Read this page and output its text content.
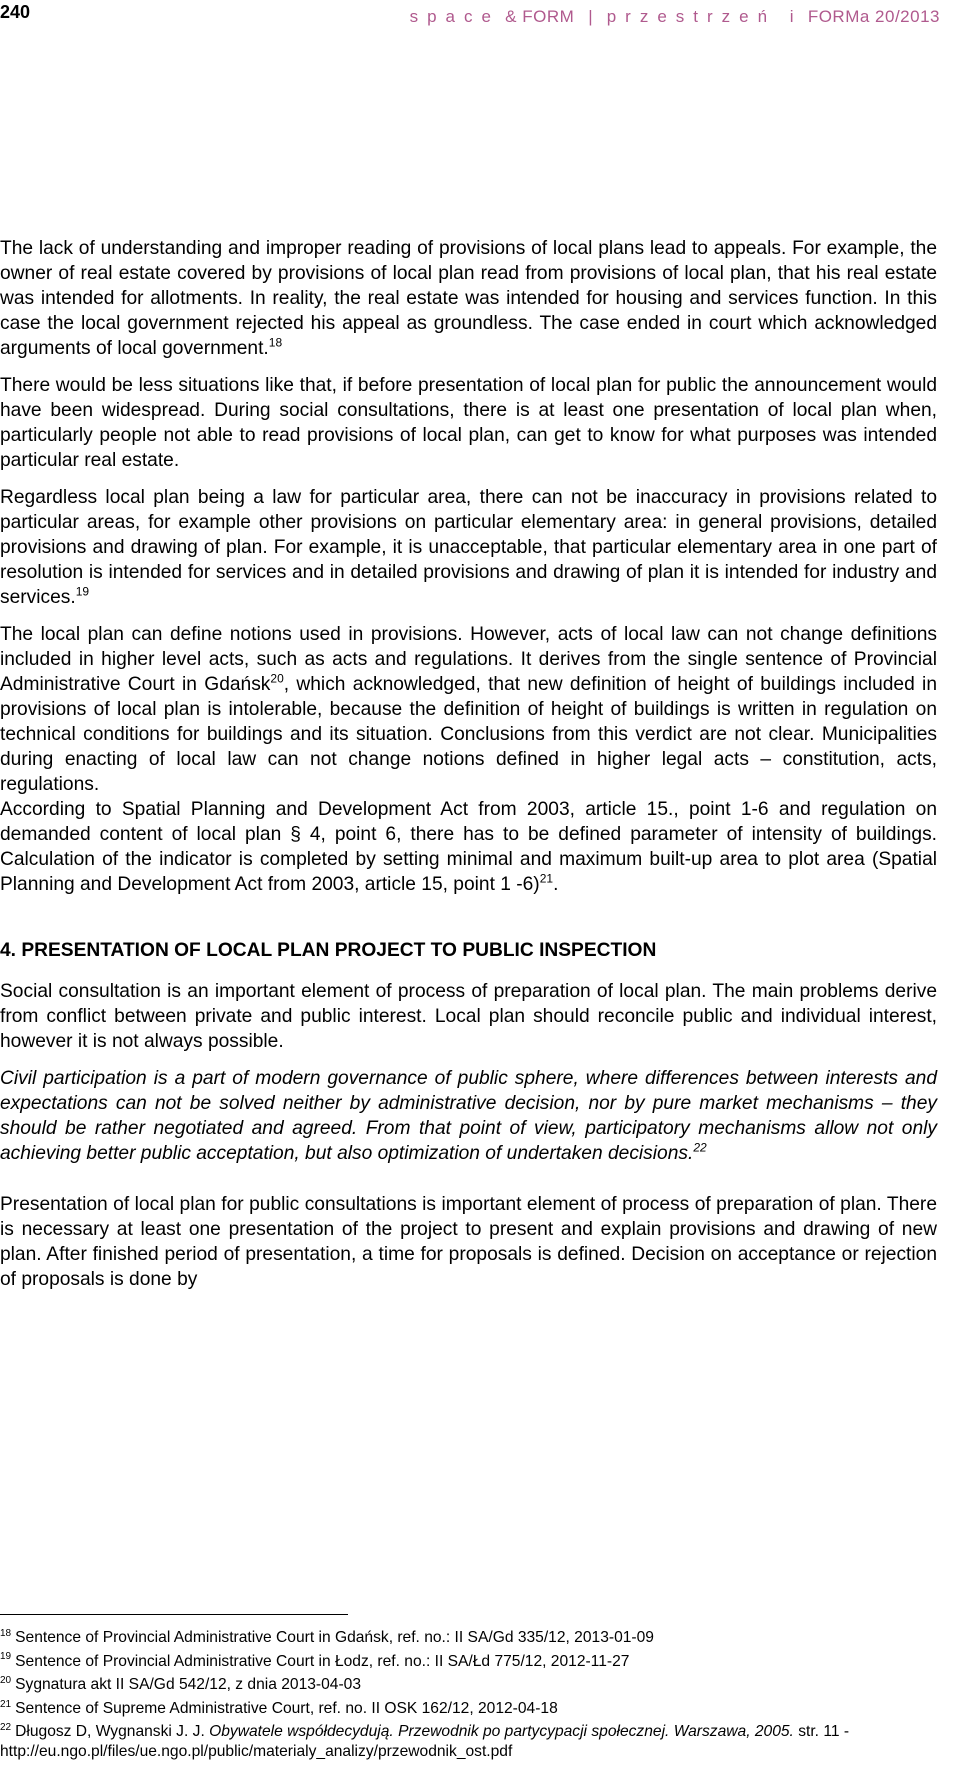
240	space & FORM | przestrzeń i FORMa 20/2013

The lack of understanding and improper reading of provisions of local plans lead to appeals. For example, the owner of real estate covered by provisions of local plan read from provisions of local plan, that his real estate was intended for allotments. In reality, the real estate was intended for housing and services function. In this case the local government rejected his appeal as groundless. The case ended in court which acknowledged arguments of local government.$^{18}$

There would be less situations like that, if before presentation of local plan for public the announcement would have been widespread. During social consultations, there is at least one presentation of local plan when, particularly people not able to read provisions of local plan, can get to know for what purposes was intended particular real estate.

Regardless local plan being a law for particular area, there can not be inaccuracy in provisions related to particular areas, for example other provisions on particular elementary area: in general provisions, detailed provisions and drawing of plan. For example, it is unacceptable, that particular elementary area in one part of resolution is intended for services and in detailed provisions and drawing of plan it is intended for industry and services.$^{19}$

The local plan can define notions used in provisions. However, acts of local law can not change definitions included in higher level acts, such as acts and regulations. It derives from the single sentence of Provincial Administrative Court in Gdańsk$^{20}$, which acknowledged, that new definition of height of buildings included in provisions of local plan is intolerable, because the definition of height of buildings is written in regulation on technical conditions for buildings and its situation. Conclusions from this verdict are not clear. Municipalities during enacting of local law can not change notions defined in higher legal acts – constitution, acts, regulations.

According to Spatial Planning and Development Act from 2003, article 15., point 1-6 and regulation on demanded content of local plan § 4, point 6, there has to be defined parameter of intensity of buildings. Calculation of the indicator is completed by setting minimal and maximum built-up area to plot area (Spatial Planning and Development Act from 2003, article 15, point 1 -6)$^{21}$.

4. PRESENTATION OF LOCAL PLAN PROJECT TO PUBLIC INSPECTION

Social consultation is an important element of process of preparation of local plan. The main problems derive from conflict between private and public interest. Local plan should reconcile public and individual interest, however it is not always possible.

Civil participation is a part of modern governance of public sphere, where differences between interests and expectations can not be solved neither by administrative decision, nor by pure market mechanisms – they should be rather negotiated and agreed. From that point of view, participatory mechanisms allow not only achieving better public acceptation, but also optimization of undertaken decisions.$^{22}$

Presentation of local plan for public consultations is important element of process of preparation of plan. There is necessary at least one presentation of the project to present and explain provisions and drawing of new plan. After finished period of presentation, a time for proposals is defined. Decision on acceptance or rejection of proposals is done by

$^{18}$ Sentence of Provincial Administrative Court in Gdańsk, ref. no.: II SA/Gd 335/12, 2013-01-09

$^{19}$ Sentence of Provincial Administrative Court in Łodz, ref. no.: II SA/Łd 775/12, 2012-11-27

$^{20}$ Sygnatura akt II SA/Gd 542/12, z dnia 2013-04-03

$^{21}$ Sentence of Supreme Administrative Court, ref. no. II OSK 162/12, 2012-04-18

$^{22}$ Długosz D, Wygnanski J. J. Obywatele współdecydują. Przewodnik po partycypacji społecznej. Warszawa, 2005. str. 11 - http://eu.ngo.pl/files/ue.ngo.pl/public/materialy_analizy/przewodnik_ost.pdf
